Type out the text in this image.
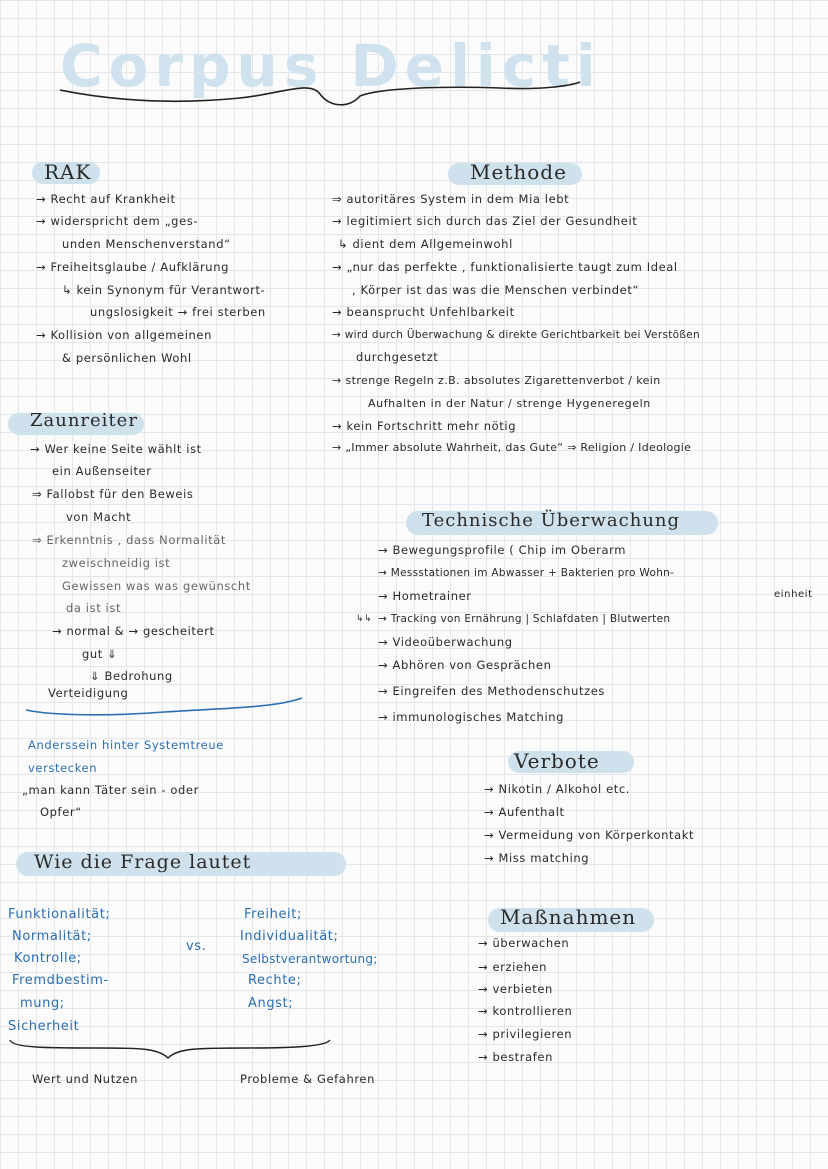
Corpus Delicti
RAK
→ Recht auf Krankheit
→ widerspricht dem „ges-
unden Menschenverstand“
→ Freiheitsglaube / Aufklärung
↳ kein Synonym für Verantwort-
ungslosigkeit → frei sterben
→ Kollision von allgemeinen
& persönlichen Wohl
Methode
⇒ autoritäres System in dem Mia lebt
→ legitimiert sich durch das Ziel der Gesundheit
↳ dient dem Allgemeinwohl
→ „nur das perfekte , funktionalisierte taugt zum Ideal
, Körper ist das was die Menschen verbindet“
→ beansprucht Unfehlbarkeit
→ wird durch Überwachung & direkte Gerichtbarkeit bei Verstößen
durchgesetzt
→ strenge Regeln z.B. absolutes Zigarettenverbot / kein
Aufhalten in der Natur / strenge Hygeneregeln
→ kein Fortschritt mehr nötig
→ „Immer absolute Wahrheit, das Gute“ ⇒ Religion / Ideologie
Zaunreiter
→ Wer keine Seite wählt ist
ein Außenseiter
⇒ Fallobst für den Beweis
von Macht
⇒ Erkenntnis , dass Normalität
zweischneidig ist
Gewissen was was gewünscht
da ist ist
→ normal & → gescheitert
gut ⇓
⇓ Bedrohung
Verteidigung
Anderssein hinter Systemtreue
verstecken
„man kann Täter sein - oder
Opfer“
Technische Überwachung
→ Bewegungsprofile ( Chip im Oberarm
→ Messstationen im Abwasser + Bakterien pro Wohn-
einheit
→ Hometrainer
↳↳ → Tracking von Ernährung | Schlafdaten | Blutwerten
→ Videoüberwachung
→ Abhören von Gesprächen
→ Eingreifen des Methodenschutzes
→ immunologisches Matching
Verbote
→ Nikotin / Alkohol etc.
→ Aufenthalt
→ Vermeidung von Körperkontakt
→ Miss matching
Wie die Frage lautet
Funktionalität;
Normalität;
Kontrolle;
Fremdbestim-
mung;
Sicherheit
vs.
Freiheit;
Individualität;
Selbstverantwortung;
Rechte;
Angst;
Wert und Nutzen	Probleme & Gefahren
Maßnahmen
→ überwachen
→ erziehen
→ verbieten
→ kontrollieren
→ privilegieren
→ bestrafen
